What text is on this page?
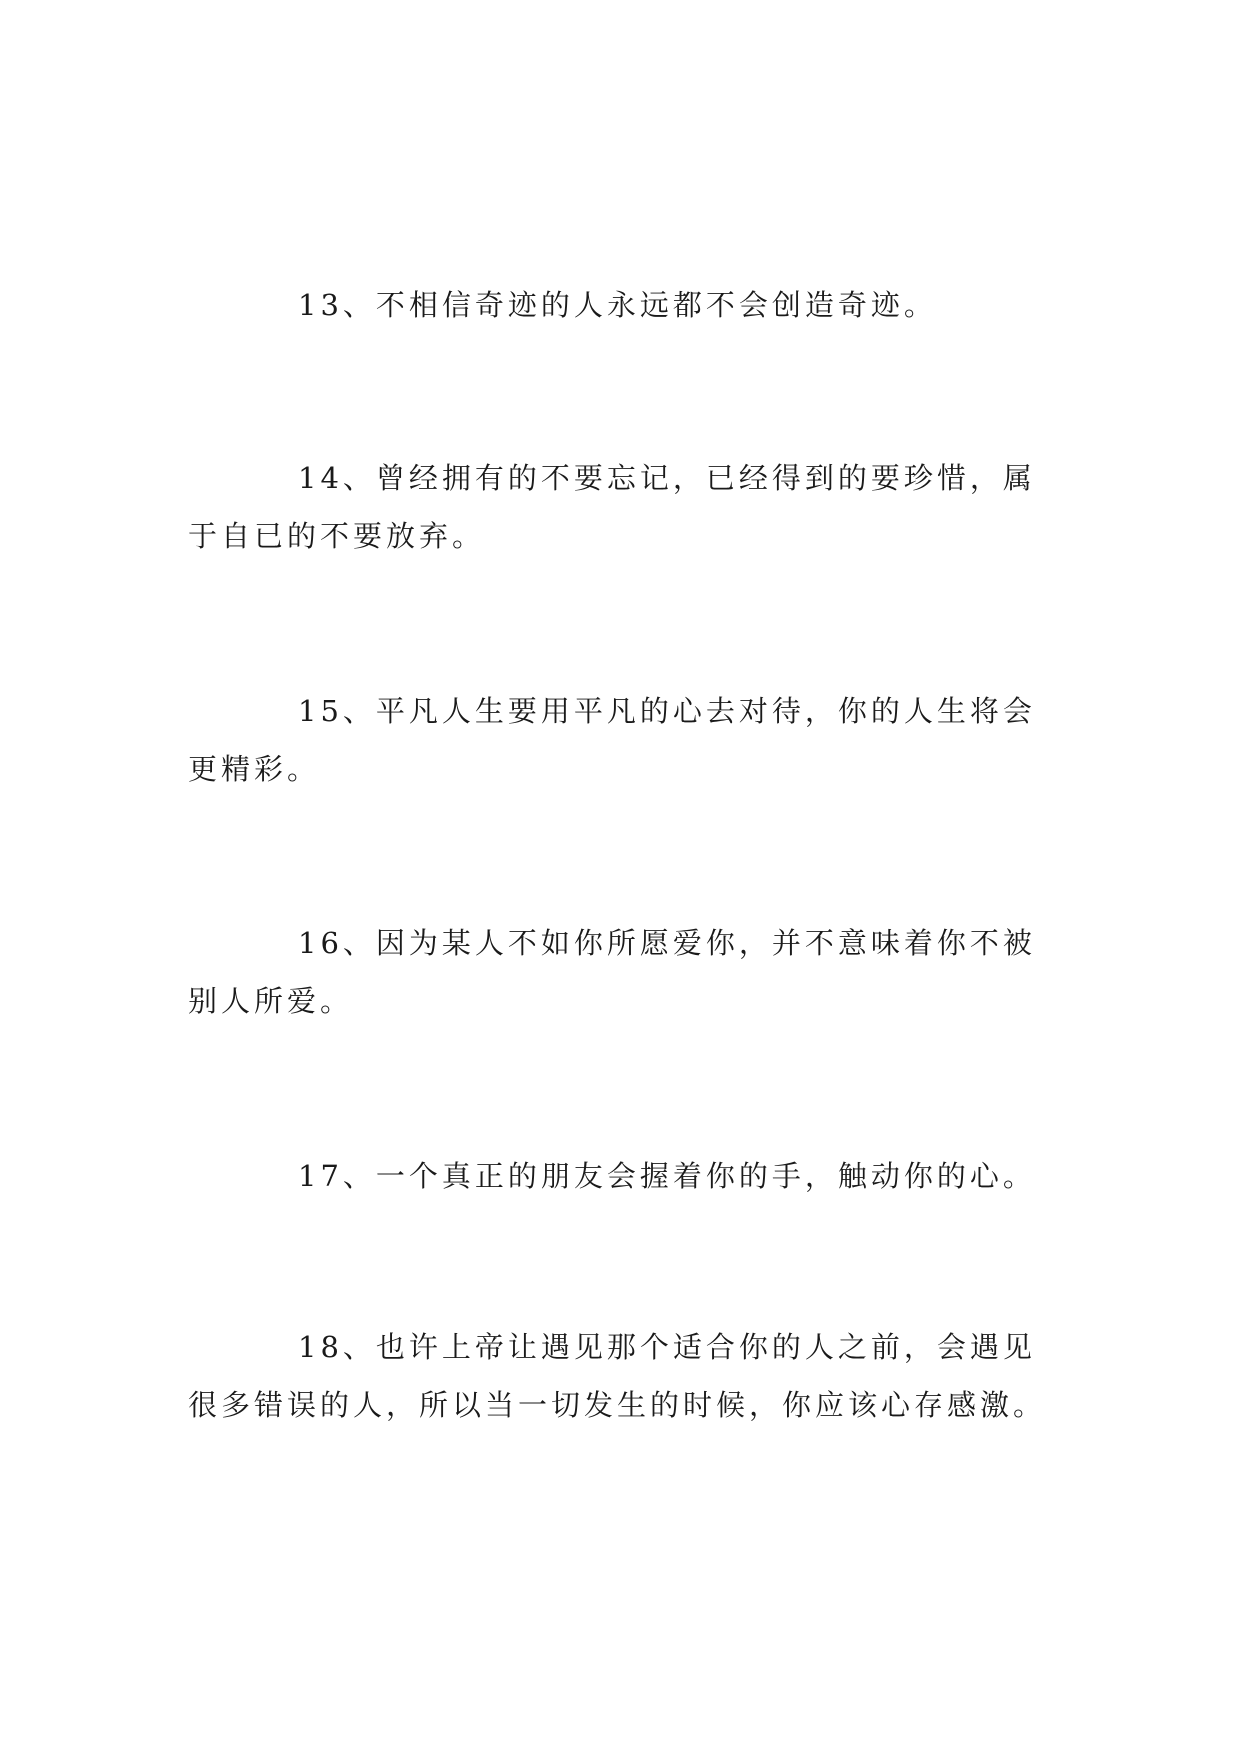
13、不相信奇迹的人永远都不会创造奇迹。

14、曾经拥有的不要忘记，已经得到的要珍惜，属于自已的不要放弃。

15、平凡人生要用平凡的心去对待，你的人生将会更精彩。

16、因为某人不如你所愿爱你，并不意味着你不被别人所爱。

17、一个真正的朋友会握着你的手，触动你的心。

18、也许上帝让遇见那个适合你的人之前，会遇见很多错误的人，所以当一切发生的时候，你应该心存感激。
